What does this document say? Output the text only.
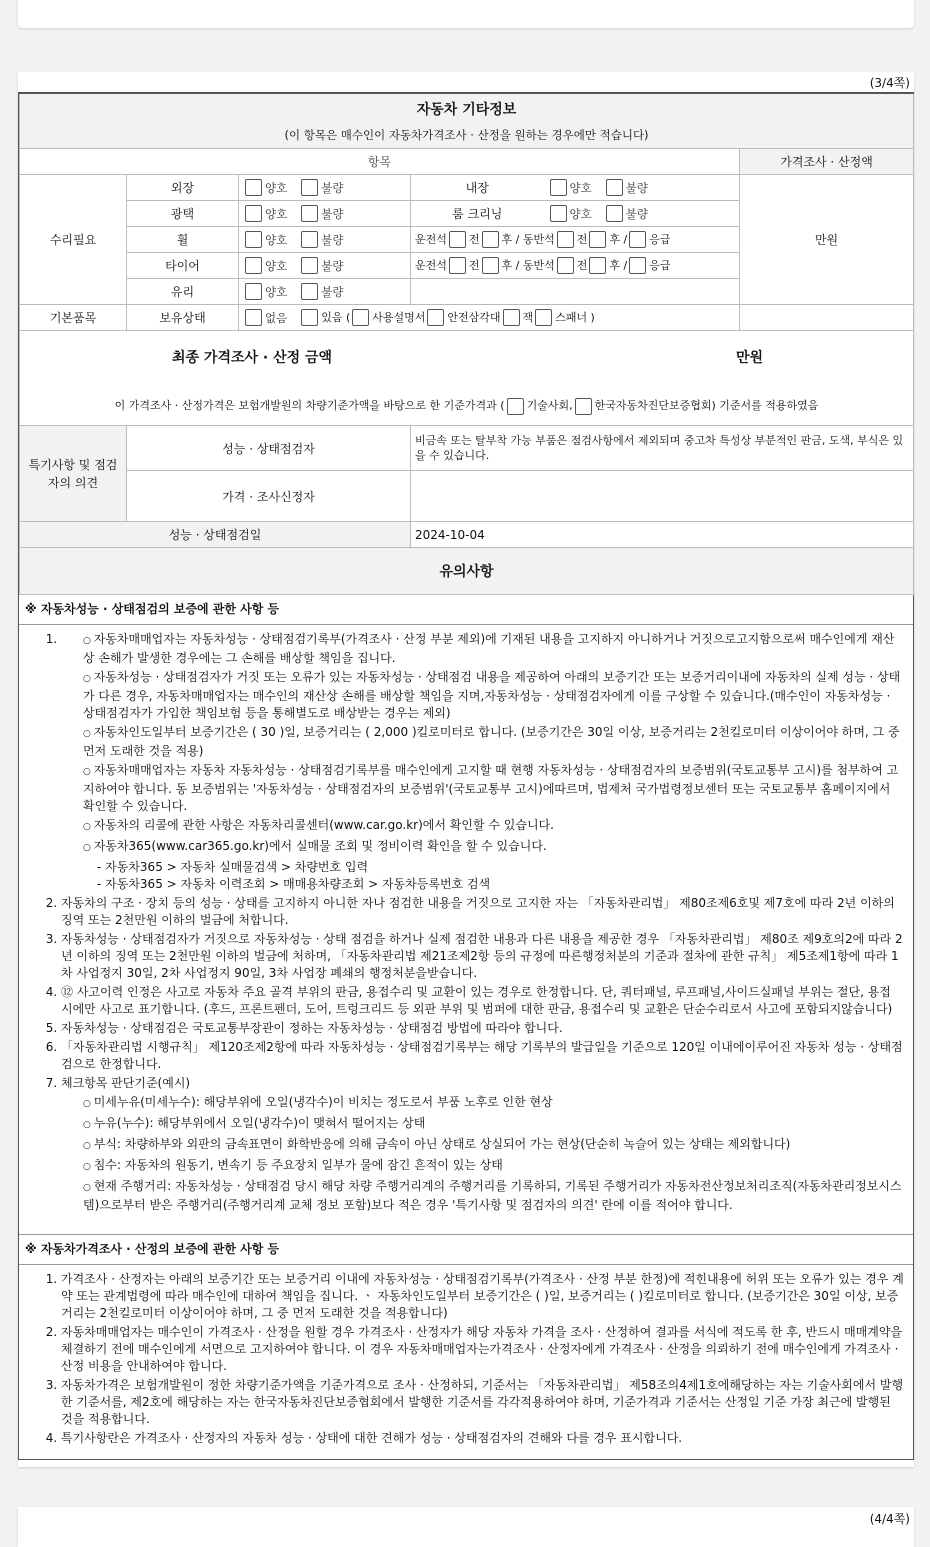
(3/4쪽)
자동차 기타정보
(이 항목은 매수인이 자동차가격조사 · 산정을 원하는 경우에만 적습니다)					

항목					가격조사 · 산정액
수리필요	외장	양호 불량	내장	양호 불량	만원
	광택	양호 불량	룸 크리닝	양호 불량	
	휠	양호 불량	운전석 전 후 / 동반석 전 후 / 응급		
	타이어	양호 불량	운전석 전 후 / 동반석 전 후 / 응급		
	유리	양호 불량			
기본품목	보유상태	없음 있음 ( 사용설명서 안전삼각대 잭 스패너 )			

최종 가격조사 · 산정 금액 만원
이 가격조사 · 산정가격은 보험개발원의 차량기준가액을 바탕으로 한 기준가격과 ( 기술사회, 한국자동차진단보증협회) 기준서를 적용하였음					

특기사항 및 점검자의 의견	성능 · 상태점검자		비금속 또는 탈부착 가능 부품은 점검사항에서 제외되며 중고차 특성상 부분적인 판금, 도색, 부식은 있을 수 있습니다.		
	가격 · 조사신정자				
성능 · 상태점검일			2024-10-04		
유의사항					
※ 자동차성능 · 상태점검의 보증에 관한 사항 등
○ 1. 자동차매매업자는 자동차성능 · 상태점검기록부(가격조사 · 산정 부분 제외)에 기재된 내용을 고지하지 아니하거나 거짓으로고지함으로써 매수인에게 재산상 손해가 발생한 경우에는 그 손해를 배상할 책임을 집니다.
○ 자동차성능 · 상태점검자가 거짓 또는 오류가 있는 자동차성능 · 상태점검 내용을 제공하여 아래의 보증기간 또는 보증거리이내에 자동차의 실제 성능 · 상태가 다른 경우, 자동차매매업자는 매수인의 재산상 손해를 배상할 책임을 지며,자동차성능 · 상태점검자에게 이를 구상할 수 있습니다.(매수인이 자동차성능 · 상태점검자가 가입한 책임보험 등을 통해별도로 배상받는 경우는 제외)
○ 자동차인도일부터 보증기간은 ( 30 )일, 보증거리는 ( 2,000 )킬로미터로 합니다. (보증기간은 30일 이상, 보증거리는 2천킬로미터 이상이어야 하며, 그 중 먼저 도래한 것을 적용)
○ 자동차매매업자는 자동차 자동차성능 · 상태점검기록부를 매수인에게 고지할 때 현행 자동차성능 · 상태점검자의 보증범위(국토교통부 고시)를 첨부하여 고지하여야 합니다. 동 보증범위는 '자동차성능 · 상태점검자의 보증범위'(국토교통부 고시)에따르며, 법제처 국가법령정보센터 또는 국토교통부 홈페이지에서 확인할 수 있습니다.
○ 자동차의 리콜에 관한 사항은 자동차리콜센터(www.car.go.kr)에서 확인할 수 있습니다.
○ 자동차365(www.car365.go.kr)에서 실매물 조회 및 정비이력 확인을 할 수 있습니다.
- 자동차365 > 자동차 실매물검색 > 차량번호 입력
- 자동차365 > 자동차 이력조회 > 매매용차량조회 > 자동차등록번호 검색
2. 자동차의 구조 · 장치 등의 성능 · 상태를 고지하지 아니한 자나 점검한 내용을 거짓으로 고지한 자는 「자동차관리법」 제80조제6호및 제7호에 따라 2년 이하의 징역 또는 2천만원 이하의 벌금에 처합니다.
3. 자동차성능 · 상태점검자가 거짓으로 자동차성능 · 상태 점검을 하거나 실제 점검한 내용과 다른 내용을 제공한 경우 「자동차관리법」 제80조 제9호의2에 따라 2년 이하의 징역 또는 2천만원 이하의 벌금에 처하며, 「자동차관리법 제21조제2항 등의 규정에 따른행정처분의 기준과 절차에 관한 규칙」 제5조제1항에 따라 1차 사업정지 30일, 2차 사업정지 90일, 3차 사업장 폐쇄의 행정처분을받습니다.
4. ⑫ 사고이력 인정은 사고로 자동차 주요 골격 부위의 판금, 용접수리 및 교환이 있는 경우로 한정합니다. 단, 쿼터패널, 루프패널,사이드실패널 부위는 절단, 용접 시에만 사고로 표기합니다. (후드, 프론트펜더, 도어, 트렁크리드 등 외판 부위 및 범퍼에 대한 판금, 용접수리 및 교환은 단순수리로서 사고에 포함되지않습니다)
5. 자동차성능 · 상태점검은 국토교통부장관이 정하는 자동차성능 · 상태점검 방법에 따라야 합니다.
6. 「자동차관리법 시행규칙」 제120조제2항에 따라 자동차성능 · 상태점검기록부는 해당 기록부의 발급일을 기준으로 120일 이내에이루어진 자동차 성능 · 상태점검으로 한정합니다.
7. 체크항목 판단기준(예시)
○ 미세누유(미세누수): 해당부위에 오일(냉각수)이 비치는 정도로서 부품 노후로 인한 현상
○ 누유(누수): 해당부위에서 오일(냉각수)이 맺혀서 떨어지는 상태
○ 부식: 차량하부와 외판의 금속표면이 화학반응에 의해 금속이 아닌 상태로 상실되어 가는 현상(단순히 녹슬어 있는 상태는 제외합니다)
○ 침수: 자동차의 원동기, 변속기 등 주요장치 일부가 물에 잠긴 흔적이 있는 상태
○ 현재 주행거리: 자동차성능 · 상태점검 당시 해당 차량 주행거리계의 주행거리를 기록하되, 기록된 주행거리가 자동차전산정보처리조직(자동차관리정보시스템)으로부터 받은 주행거리(주행거리계 교체 정보 포함)보다 적은 경우 '특기사항 및 점검자의 의견' 란에 이를 적어야 합니다.
※ 자동차가격조사 · 산정의 보증에 관한 사항 등
1. 가격조사 · 산정자는 아래의 보증기간 또는 보증거리 이내에 자동차성능 · 상태점검기록부(가격조사 · 산정 부분 한정)에 적힌내용에 허위 또는 오류가 있는 경우 계약 또는 관계법령에 따라 매수인에 대하여 책임을 집니다. ㆍ 자동차인도일부터 보증기간은 ( )일, 보증거리는 ( )킬로미터로 합니다. (보증기간은 30일 이상, 보증거리는 2천킬로미터 이상이어야 하며, 그 중 먼저 도래한 것을 적용합니다)
2. 자동차매매업자는 매수인이 가격조사 · 산정을 원할 경우 가격조사 · 산정자가 해당 자동차 가격을 조사 · 산정하여 결과를 서식에 적도록 한 후, 반드시 매매계약을 체결하기 전에 매수인에게 서면으로 고지하여야 합니다. 이 경우 자동차매매업자는가격조사 · 산정자에게 가격조사 · 산정을 의뢰하기 전에 매수인에게 가격조사 · 산정 비용을 안내하여야 합니다.
3. 자동차가격은 보험개발원이 정한 차량기준가액을 기준가격으로 조사 · 산정하되, 기준서는 「자동차관리법」 제58조의4제1호에해당하는 자는 기술사회에서 발행한 기준서를, 제2호에 해당하는 자는 한국자동차진단보증협회에서 발행한 기준서를 각각적용하여야 하며, 기준가격과 기준서는 산정일 기준 가장 최근에 발행된 것을 적용합니다.
4. 특기사항란은 가격조사 · 산정자의 자동차 성능 · 상태에 대한 견해가 성능 · 상태점검자의 견해와 다를 경우 표시합니다.
(4/4쪽)
